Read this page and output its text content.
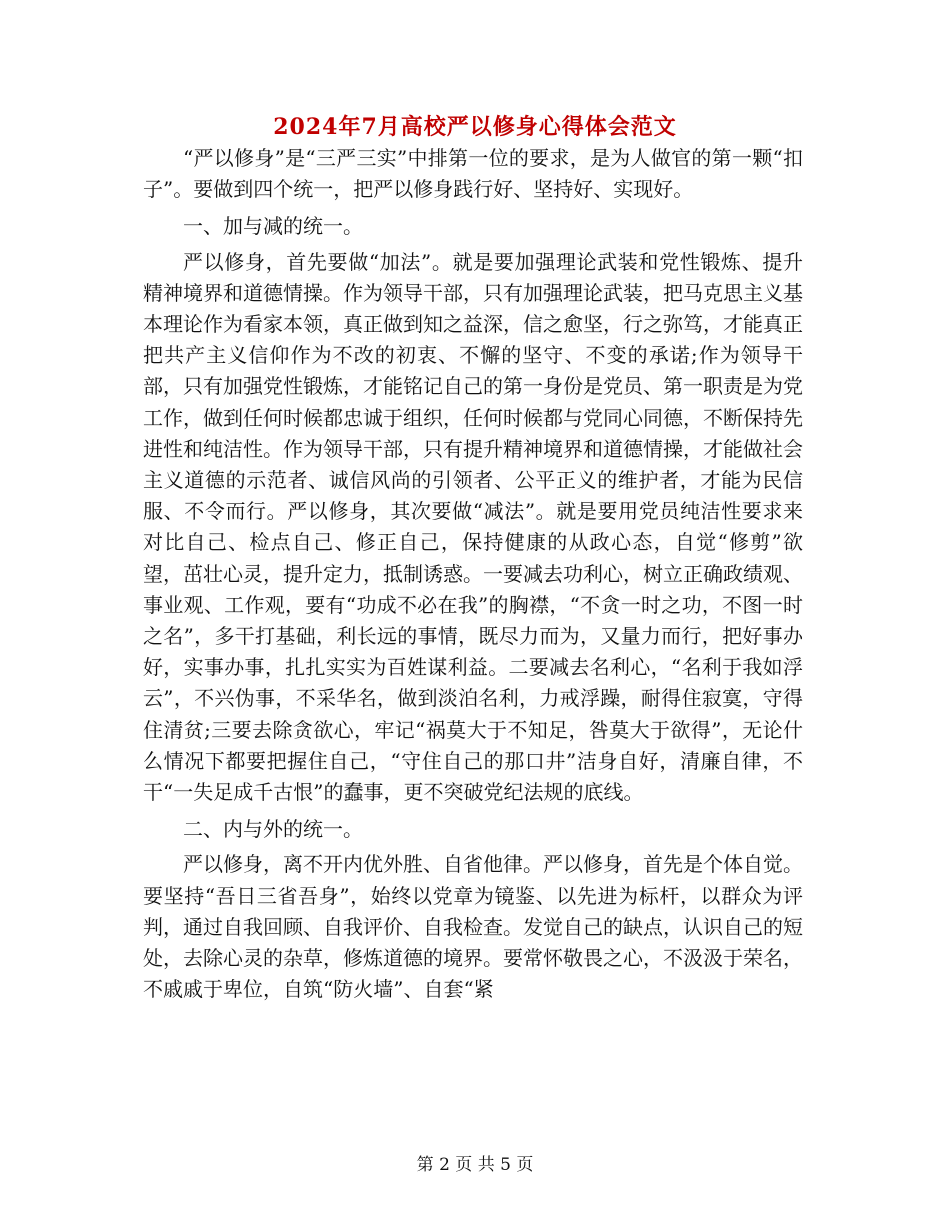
2024年7月高校严以修身心得体会范文

“严以修身”是“三严三实”中排第一位的要求，是为人做官的第一颗“扣子”。要做到四个统一，把严以修身践行好、坚持好、实现好。

一、加与减的统一。

严以修身，首先要做“加法”。就是要加强理论武装和党性锻炼、提升精神境界和道德情操。作为领导干部，只有加强理论武装，把马克思主义基本理论作为看家本领，真正做到知之益深，信之愈坚，行之弥笃，才能真正把共产主义信仰作为不改的初衷、不懈的坚守、不变的承诺;作为领导干部，只有加强党性锻炼，才能铭记自己的第一身份是党员、第一职责是为党工作，做到任何时候都忠诚于组织，任何时候都与党同心同德，不断保持先进性和纯洁性。作为领导干部，只有提升精神境界和道德情操，才能做社会主义道德的示范者、诚信风尚的引领者、公平正义的维护者，才能为民信服、不令而行。严以修身，其次要做“减法”。就是要用党员纯洁性要求来对比自己、检点自己、修正自己，保持健康的从政心态，自觉“修剪”欲望，茁壮心灵，提升定力，抵制诱惑。一要减去功利心，树立正确政绩观、事业观、工作观，要有“功成不必在我”的胸襟，“不贪一时之功，不图一时之名”，多干打基础，利长远的事情，既尽力而为，又量力而行，把好事办好，实事办事，扎扎实实为百姓谋利益。二要减去名利心，“名利于我如浮云”，不兴伪事，不采华名，做到淡泊名利，力戒浮躁，耐得住寂寞，守得住清贫;三要去除贪欲心，牢记“祸莫大于不知足，咎莫大于欲得”，无论什么情况下都要把握住自己，“守住自己的那口井”洁身自好，清廉自律，不干“一失足成千古恨”的蠢事，更不突破党纪法规的底线。

二、内与外的统一。

严以修身，离不开内优外胜、自省他律。严以修身，首先是个体自觉。要坚持“吾日三省吾身”，始终以党章为镜鉴、以先进为标杆，以群众为评判，通过自我回顾、自我评价、自我检查。发觉自己的缺点，认识自己的短处，去除心灵的杂草，修炼道德的境界。要常怀敬畏之心，不汲汲于荣名，不戚戚于卑位，自筑“防火墙”、自套“紧

第 2 页 共 5 页
